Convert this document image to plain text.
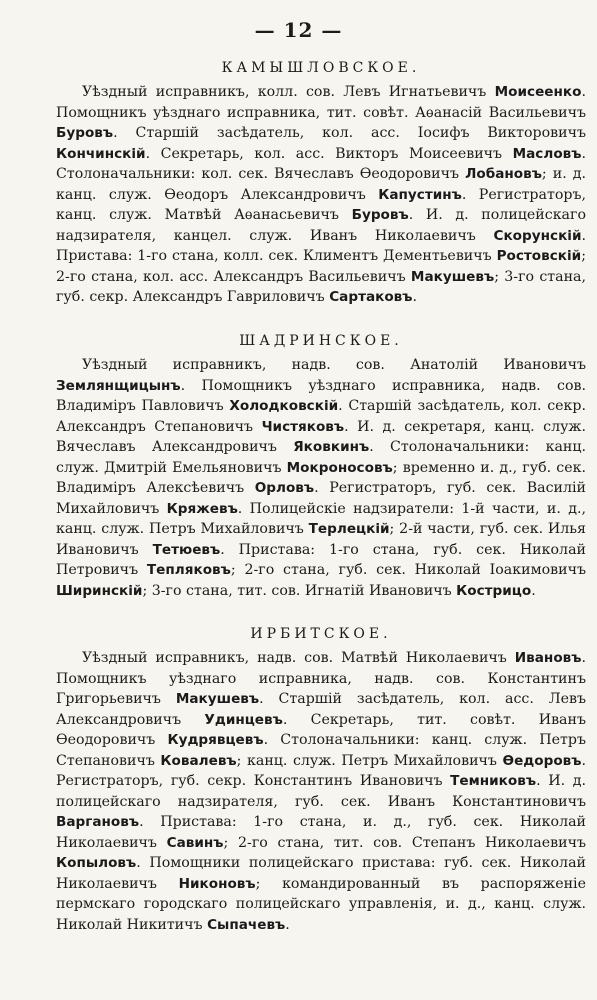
— 12 —
КАМЫШЛОВСКОЕ.

Уѣздный исправникъ, колл. сов. Левъ Игнатьевичъ Моисеенко. Помощникъ уѣзднаго исправника, тит. совѣт. Аѳанасій Васильевичъ Буровъ. Старшій засѣдатель, кол. асс. Іосифъ Викторовичъ Кончинскій. Секретарь, кол. асс. Викторъ Моисеевичъ Масловъ. Столоначальники: кол. сек. Вячеславъ Ѳеодоровичъ Лобановъ; и. д. канц. служ. Ѳеодоръ Александровичъ Капустинъ. Регистраторъ, канц. служ. Матвѣй Аѳанасьевичъ Буровъ. И. д. полицейскаго надзирателя, канцел. служ. Иванъ Николаевичъ Скорунскій. Пристава: 1-го стана, колл. сек. Климентъ Дементьевичъ Ростовскій; 2-го стана, кол. асс. Александръ Васильевичъ Макушевъ; 3-го стана, губ. секр. Александръ Гавриловичъ Сартаковъ.

ШАДРИНСКОЕ.

Уѣздный исправникъ, надв. сов. Анатолій Ивановичъ Землянщицынъ. Помощникъ уѣзднаго исправника, надв. сов. Владиміръ Павловичъ Холодковскій. Старшій засѣдатель, кол. секр. Александръ Степановичъ Чистяковъ. И. д. секретаря, канц. служ. Вячеславъ Александровичъ Яковкинъ. Столоначальники: канц. служ. Дмитрій Емельяновичъ Мокроносовъ; временно и. д., губ. сек. Владиміръ Алексѣевичъ Орловъ. Регистраторъ, губ. сек. Василій Михайловичъ Кряжевъ. Полицейскіе надзиратели: 1-й части, и. д., канц. служ. Петръ Михайловичъ Терлецкій; 2-й части, губ. сек. Илья Ивановичъ Тетюевъ. Пристава: 1-го стана, губ. сек. Николай Петровичъ Тепляковъ; 2-го стана, губ. сек. Николай Іоакимовичъ Ширинскій; 3-го стана, тит. сов. Игнатій Ивановичъ Кострицо.

ИРБИТСКОЕ.

Уѣздный исправникъ, надв. сов. Матвѣй Николаевичъ Ивановъ. Помощникъ уѣзднаго исправника, надв. сов. Константинъ Григорьевичъ Макушевъ. Старшій засѣдатель, кол. асс. Левъ Александровичъ Удинцевъ. Секретарь, тит. совѣт. Иванъ Ѳеодоровичъ Кудрявцевъ. Столоначальники: канц. служ. Петръ Степановичъ Ковалевъ; канц. служ. Петръ Михайловичъ Ѳедоровъ. Регистраторъ, губ. секр. Константинъ Ивановичъ Темниковъ. И. д. полицейскаго надзирателя, губ. сек. Иванъ Константиновичъ Варгановъ. Пристава: 1-го стана, и. д., губ. сек. Николай Николаевичъ Савинъ; 2-го стана, тит. сов. Степанъ Николаевичъ Копыловъ. Помощники полицейскаго пристава: губ. сек. Николай Николаевичъ Никоновъ; командированный въ распоряженіе пермскаго городскаго полицейскаго управленія, и. д., канц. служ. Николай Никитичъ Сыпачевъ.
